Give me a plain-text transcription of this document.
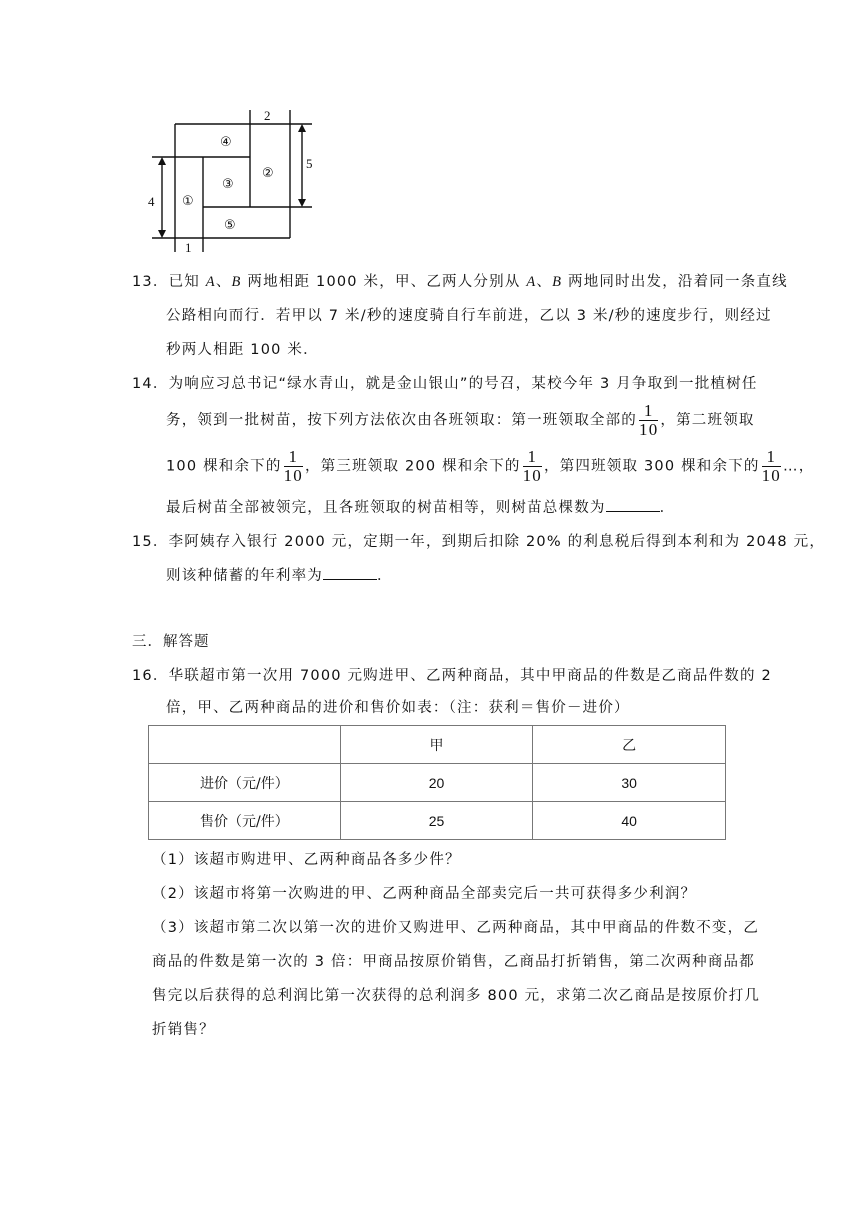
2
5
4
1
①
②
③
④
⑤
13．已知 A、B 两地相距 1000 米，甲、乙两人分别从 A、B 两地同时出发，沿着同一条直线
公路相向而行．若甲以 7 米/秒的速度骑自行车前进，乙以 3 米/秒的速度步行，则经过
秒两人相距 100 米．
14．为响应习总书记“绿水青山，就是金山银山”的号召，某校今年 3 月争取到一批植树任
务，领到一批树苗，按下列方法依次由各班领取：第一班领取全部的 $\frac{1}{10}$ ，第二班领取
100 棵和余下的 $\frac{1}{10}$ ，第三班领取 200 棵和余下的 $\frac{1}{10}$ ，第四班领取 300 棵和余下的 $\frac{1}{10}$ …，
最后树苗全部被领完，且各班领取的树苗相等，则树苗总棵数为	．
15．李阿姨存入银行 2000 元，定期一年，到期后扣除 20% 的利息税后得到本利和为 2048 元，
则该种储蓄的年利率为	．
三．解答题
16．华联超市第一次用 7000 元购进甲、乙两种商品，其中甲商品的件数是乙商品件数的 2
倍，甲、乙两种商品的进价和售价如表：（注：获利＝售价－进价）
	甲	乙
进价（元/件）	20	30
售价（元/件）	25	40
（1）该超市购进甲、乙两种商品各多少件？
（2）该超市将第一次购进的甲、乙两种商品全部卖完后一共可获得多少利润？
（3）该超市第二次以第一次的进价又购进甲、乙两种商品，其中甲商品的件数不变，乙
商品的件数是第一次的 3 倍：甲商品按原价销售，乙商品打折销售，第二次两种商品都
售完以后获得的总利润比第一次获得的总利润多 800 元，求第二次乙商品是按原价打几
折销售？
